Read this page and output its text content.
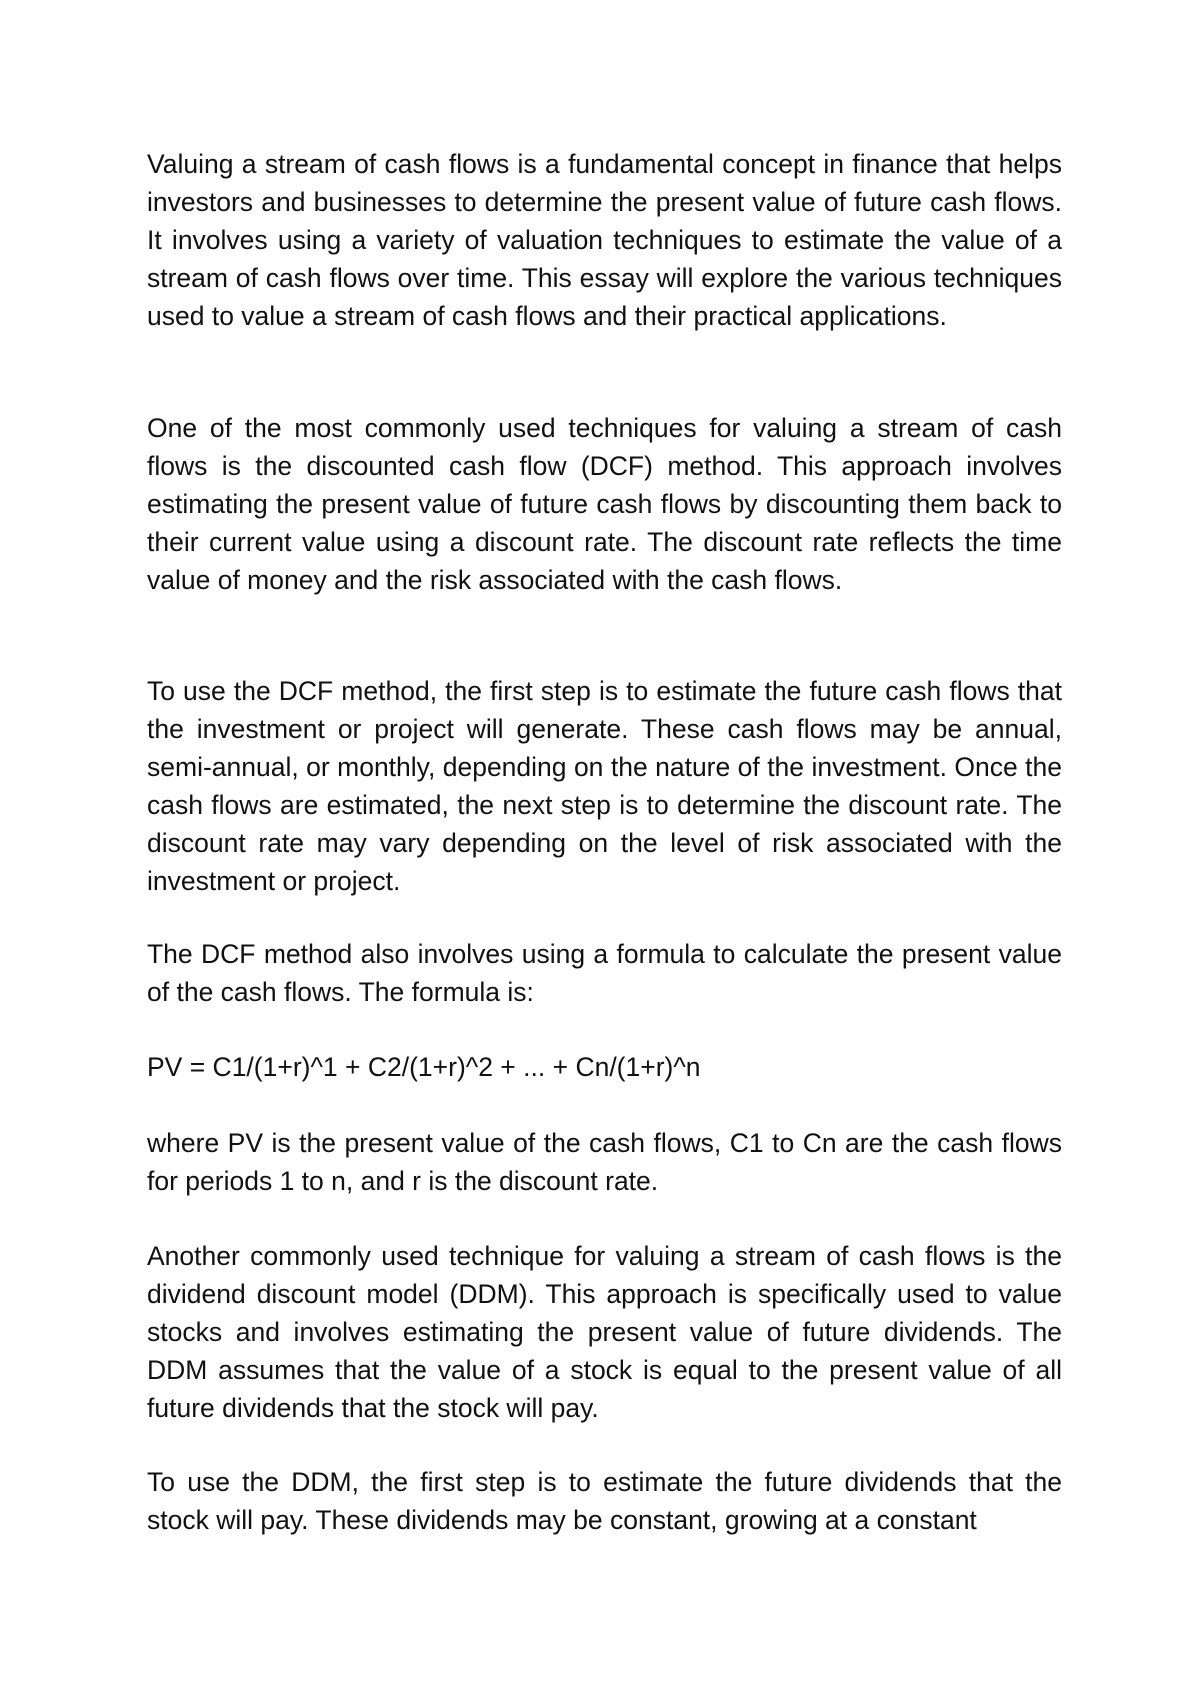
Valuing a stream of cash flows is a fundamental concept in finance that helps investors and businesses to determine the present value of future cash flows. It involves using a variety of valuation techniques to estimate the value of a stream of cash flows over time. This essay will explore the various techniques used to value a stream of cash flows and their practical applications.

One of the most commonly used techniques for valuing a stream of cash flows is the discounted cash flow (DCF) method. This approach involves estimating the present value of future cash flows by discounting them back to their current value using a discount rate. The discount rate reflects the time value of money and the risk associated with the cash flows.

To use the DCF method, the first step is to estimate the future cash flows that the investment or project will generate. These cash flows may be annual, semi-annual, or monthly, depending on the nature of the investment. Once the cash flows are estimated, the next step is to determine the discount rate. The discount rate may vary depending on the level of risk associated with the investment or project.

The DCF method also involves using a formula to calculate the present value of the cash flows. The formula is:

PV = C1/(1+r)^1 + C2/(1+r)^2 + ... + Cn/(1+r)^n

where PV is the present value of the cash flows, C1 to Cn are the cash flows for periods 1 to n, and r is the discount rate.

Another commonly used technique for valuing a stream of cash flows is the dividend discount model (DDM). This approach is specifically used to value stocks and involves estimating the present value of future dividends. The DDM assumes that the value of a stock is equal to the present value of all future dividends that the stock will pay.

To use the DDM, the first step is to estimate the future dividends that the stock will pay. These dividends may be constant, growing at a constant
